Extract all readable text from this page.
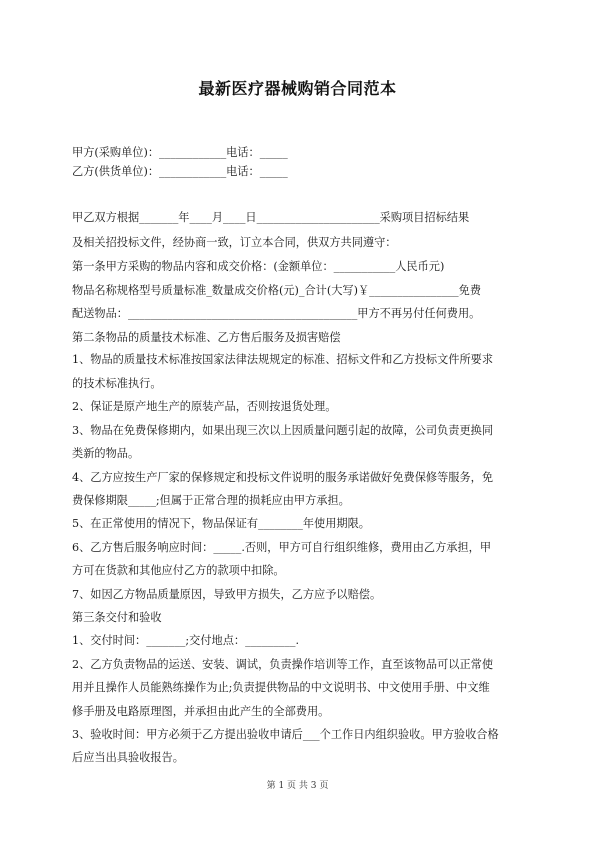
最新医疗器械购销合同范本
甲方(采购单位)：____________电话：_____
乙方(供货单位)：____________电话：_____
甲乙双方根据_______年____月____日______________________采购项目招标结果
及相关招投标文件，经协商一致，订立本合同，供双方共同遵守：
第一条甲方采购的物品内容和成交价格：(金额单位：___________人民币元)
物品名称规格型号质量标准_数量成交价格(元)_合计(大写)￥________________免费
配送物品：_________________________________________甲方不再另付任何费用。
第二条物品的质量技术标准、乙方售后服务及损害赔偿
1、物品的质量技术标准按国家法律法规规定的标准、招标文件和乙方投标文件所要求
的技术标准执行。
2、保证是原产地生产的原装产品，否则按退货处理。
3、物品在免费保修期内，如果出现三次以上因质量问题引起的故障，公司负责更换同
类新的物品。
4、乙方应按生产厂家的保修规定和投标文件说明的服务承诺做好免费保修等服务，免
费保修期限_____;但属于正常合理的损耗应由甲方承担。
5、在正常使用的情况下，物品保证有________年使用期限。
6、乙方售后服务响应时间：_____.否则，甲方可自行组织维修，费用由乙方承担，甲
方可在货款和其他应付乙方的款项中扣除。
7、如因乙方物品质量原因，导致甲方损失，乙方应予以赔偿。
第三条交付和验收
1、交付时间：_______;交付地点：_________.
2、乙方负责物品的运送、安装、调试，负责操作培训等工作，直至该物品可以正常使
用并且操作人员能熟练操作为止;负责提供物品的中文说明书、中文使用手册、中文维
修手册及电路原理图，并承担由此产生的全部费用。
3、验收时间：甲方必须于乙方提出验收申请后___个工作日内组织验收。甲方验收合格
后应当出具验收报告。
第 1 页 共 3 页
